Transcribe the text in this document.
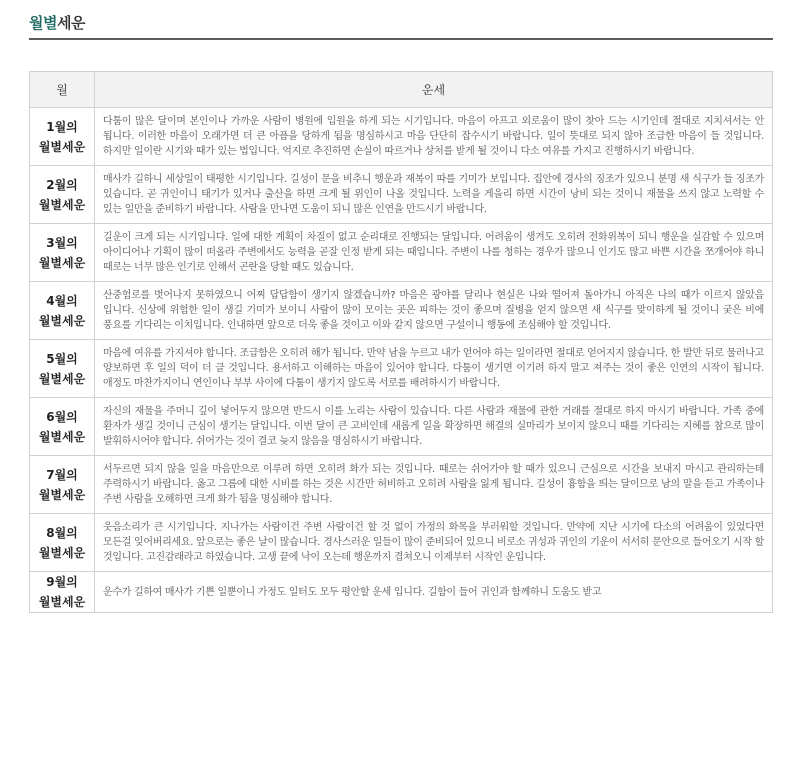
월별세운
월	운세
1월의
월별세운	다툼이 많은 달이며 본인이나 가까운 사람이 병원에 입원을 하게 되는 시기입니다. 마음이 아프고 외로움이 많이 찾아 드는 시기인데 절대로 지치셔서는 안 됩니다. 이러한 마음이 오래가면 더 큰 아픔을 당하게 됨을 명심하시고 마음 단단히 잡수시기 바랍니다. 일이 뜻대로 되지 않아 조급한 마음이 들 것입니다. 하지만 일이란 시기와 때가 있는 법입니다. 억지로 추진하면 손실이 따르거나 상처를 받게 될 것이니 다소 여유를 가지고 진행하시기 바랍니다.
2월의
월별세운	매사가 길하니 세상일이 태평한 시기입니다. 길성이 문을 비추니 행운과 재복이 따를 기미가 보입니다. 집안에 경사의 징조가 있으니 분명 새 식구가 들 징조가 있습니다. 곧 귀인이니 태기가 있거나 출산을 하면 크게 될 위인이 나올 것입니다. 노력을 게을리 하면 시간이 낭비 되는 것이니 재물을 쓰지 않고 노력할 수 있는 일만을 준비하기 바랍니다. 사람을 만나면 도움이 되니 많은 인연을 만드시기 바랍니다.
3월의
월별세운	길운이 크게 되는 시기입니다. 일에 대한 계획이 차질이 없고 순리대로 진행되는 달입니다. 어려움이 생겨도 오히려 전화위복이 되니 행운을 실감할 수 있으며 아이디어나 기획이 많이 떠올라 주변에서도 능력을 곧잘 인정 받게 되는 때입니다. 주변이 나를 청하는 경우가 많으니 인기도 많고 바쁜 시간을 쪼개어야 하니 때로는 너무 많은 인기로 인해서 곤란을 당할 때도 있습니다.
4월의
월별세운	산중험로를 벗어나지 못하였으니 어찌 답답함이 생기지 않겠습니까? 마음은 광야를 달리나 현실은 나와 떨어져 돌아가니 아직은 나의 때가 이르지 않았음 입니다. 신상에 위험한 일이 생길 기미가 보이니 사람이 많이 모이는 곳은 피하는 것이 좋으며 질병을 얻지 않으면 새 식구를 맞이하게 될 것이니 궂은 비에 풍요를 기다리는 이치입니다. 인내하면 앞으로 더욱 좋을 것이고 이와 같지 않으면 구설이니 행동에 조심해야 할 것입니다.
5월의
월별세운	마음에 여유를 가지셔야 합니다. 조급함은 오히려 해가 됩니다. 만약 남을 누르고 내가 얻어야 하는 일이라면 절대로 얻어지지 않습니다. 한 발만 뒤로 물러나고 양보하면 후 일의 덕이 더 클 것입니다. 용서하고 이해하는 마음이 있어야 합니다. 다툼이 생기면 이기려 하지 말고 져주는 것이 좋은 인연의 시작이 됩니다. 애정도 마찬가지이니 연인이나 부부 사이에 다툼이 생기지 않도록 서로를 배려하시기 바랍니다.
6월의
월별세운	자신의 재물을 주머니 깊이 넣어두지 않으면 반드시 이를 노리는 사람이 있습니다. 다른 사람과 재물에 관한 거래를 절대로 하지 마시기 바랍니다. 가족 중에 환자가 생길 것이니 근심이 생기는 달입니다. 이번 달이 큰 고비인데 새롭게 일을 확장하면 해결의 실마리가 보이지 않으니 때를 기다리는 지혜를 참으로 많이 발휘하시어야 합니다. 쉬어가는 것이 결코 늦지 않음을 명심하시기 바랍니다.
7월의
월별세운	서두르면 되지 않을 일을 마음만으로 이루려 하면 오히려 화가 되는 것입니다. 때로는 쉬어가야 할 때가 있으니 근심으로 시간을 보내지 마시고 관리하는데 주력하시기 바랍니다. 옳고 그름에 대한 시비를 하는 것은 시간만 허비하고 오히려 사람을 잃게 됩니다. 길성이 흉함을 띄는 달이므로 남의 말을 듣고 가족이나 주변 사람을 오해하면 크게 화가 됨을 명심해야 합니다.
8월의
월별세운	웃음소리가 큰 시기입니다. 지나가는 사람이건 주변 사람이건 할 것 없이 가정의 화목을 부러워할 것입니다. 만약에 지난 시기에 다소의 어려움이 있었다면 모든걸 잊어버리세요. 앞으로는 좋은 날이 많습니다. 경사스러운 일들이 많이 준비되어 있으니 비로소 귀성과 귀인의 기운이 서서히 문안으로 들어오기 시작 할 것입니다. 고진감래라고 하였습니다. 고생 끝에 낙이 오는데 행운까지 겹쳐오니 이제부터 시작인 운입니다.
9월의
월별세운	운수가 길하여 매사가 기쁜 일뿐이니 가정도 일터도 모두 평안할 운세 입니다. 길함이 들어 귀인과 함께하니 도움도 받고
